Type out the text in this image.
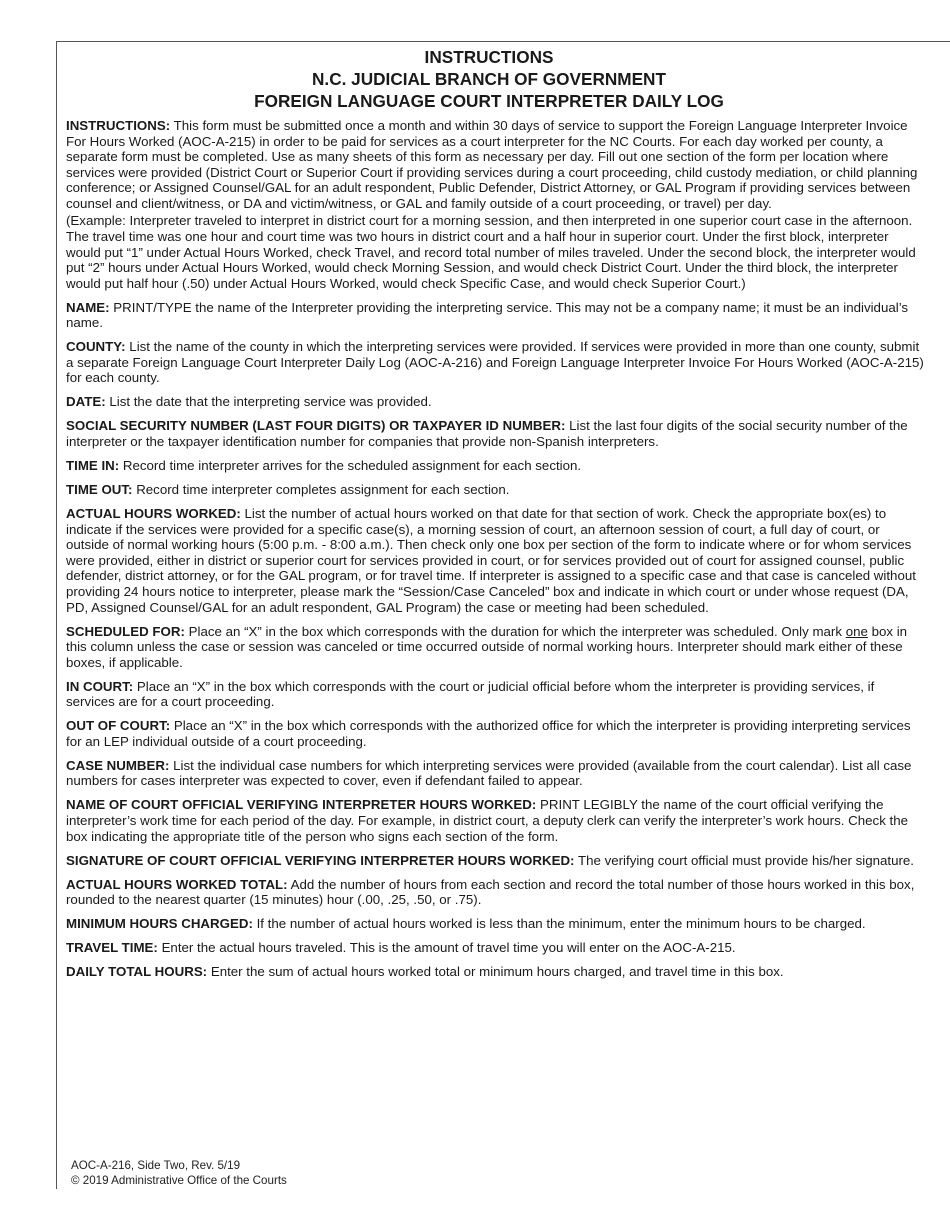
INSTRUCTIONS
N.C. JUDICIAL BRANCH OF GOVERNMENT
FOREIGN LANGUAGE COURT INTERPRETER DAILY LOG

INSTRUCTIONS: This form must be submitted once a month and within 30 days of service to support the Foreign Language Interpreter Invoice For Hours Worked (AOC-A-215) in order to be paid for services as a court interpreter for the NC Courts. For each day worked per county, a separate form must be completed. Use as many sheets of this form as necessary per day. Fill out one section of the form per location where services were provided (District Court or Superior Court if providing services during a court proceeding, child custody mediation, or child planning conference; or Assigned Counsel/GAL for an adult respondent, Public Defender, District Attorney, or GAL Program if providing services between counsel and client/witness, or DA and victim/witness, or GAL and family outside of a court proceeding, or travel) per day.

(Example: Interpreter traveled to interpret in district court for a morning session, and then interpreted in one superior court case in the afternoon. The travel time was one hour and court time was two hours in district court and a half hour in superior court. Under the first block, interpreter would put “1” under Actual Hours Worked, check Travel, and record total number of miles traveled. Under the second block, the interpreter would put “2” hours under Actual Hours Worked, would check Morning Session, and would check District Court. Under the third block, the interpreter would put half hour (.50) under Actual Hours Worked, would check Specific Case, and would check Superior Court.)

NAME: PRINT/TYPE the name of the Interpreter providing the interpreting service. This may not be a company name; it must be an individual’s name.

COUNTY: List the name of the county in which the interpreting services were provided. If services were provided in more than one county, submit a separate Foreign Language Court Interpreter Daily Log (AOC-A-216) and Foreign Language Interpreter Invoice For Hours Worked (AOC-A-215) for each county.

DATE: List the date that the interpreting service was provided.

SOCIAL SECURITY NUMBER (LAST FOUR DIGITS) OR TAXPAYER ID NUMBER: List the last four digits of the social security number of the interpreter or the taxpayer identification number for companies that provide non-Spanish interpreters.

TIME IN: Record time interpreter arrives for the scheduled assignment for each section.

TIME OUT: Record time interpreter completes assignment for each section.

ACTUAL HOURS WORKED: List the number of actual hours worked on that date for that section of work. Check the appropriate box(es) to indicate if the services were provided for a specific case(s), a morning session of court, an afternoon session of court, a full day of court, or outside of normal working hours (5:00 p.m. - 8:00 a.m.). Then check only one box per section of the form to indicate where or for whom services were provided, either in district or superior court for services provided in court, or for services provided out of court for assigned counsel, public defender, district attorney, or for the GAL program, or for travel time. If interpreter is assigned to a specific case and that case is canceled without providing 24 hours notice to interpreter, please mark the “Session/Case Canceled” box and indicate in which court or under whose request (DA, PD, Assigned Counsel/GAL for an adult respondent, GAL Program) the case or meeting had been scheduled.

SCHEDULED FOR: Place an “X” in the box which corresponds with the duration for which the interpreter was scheduled. Only mark one box in this column unless the case or session was canceled or time occurred outside of normal working hours. Interpreter should mark either of these boxes, if applicable.

IN COURT: Place an “X” in the box which corresponds with the court or judicial official before whom the interpreter is providing services, if services are for a court proceeding.

OUT OF COURT: Place an “X” in the box which corresponds with the authorized office for which the interpreter is providing interpreting services for an LEP individual outside of a court proceeding.

CASE NUMBER: List the individual case numbers for which interpreting services were provided (available from the court calendar). List all case numbers for cases interpreter was expected to cover, even if defendant failed to appear.

NAME OF COURT OFFICIAL VERIFYING INTERPRETER HOURS WORKED: PRINT LEGIBLY the name of the court official verifying the interpreter’s work time for each period of the day. For example, in district court, a deputy clerk can verify the interpreter’s work hours. Check the box indicating the appropriate title of the person who signs each section of the form.

SIGNATURE OF COURT OFFICIAL VERIFYING INTERPRETER HOURS WORKED: The verifying court official must provide his/her signature.

ACTUAL HOURS WORKED TOTAL: Add the number of hours from each section and record the total number of those hours worked in this box, rounded to the nearest quarter (15 minutes) hour (.00, .25, .50, or .75).

MINIMUM HOURS CHARGED: If the number of actual hours worked is less than the minimum, enter the minimum hours to be charged.

TRAVEL TIME: Enter the actual hours traveled. This is the amount of travel time you will enter on the AOC-A-215.

DAILY TOTAL HOURS: Enter the sum of actual hours worked total or minimum hours charged, and travel time in this box.

AOC-A-216, Side Two, Rev. 5/19
© 2019 Administrative Office of the Courts
